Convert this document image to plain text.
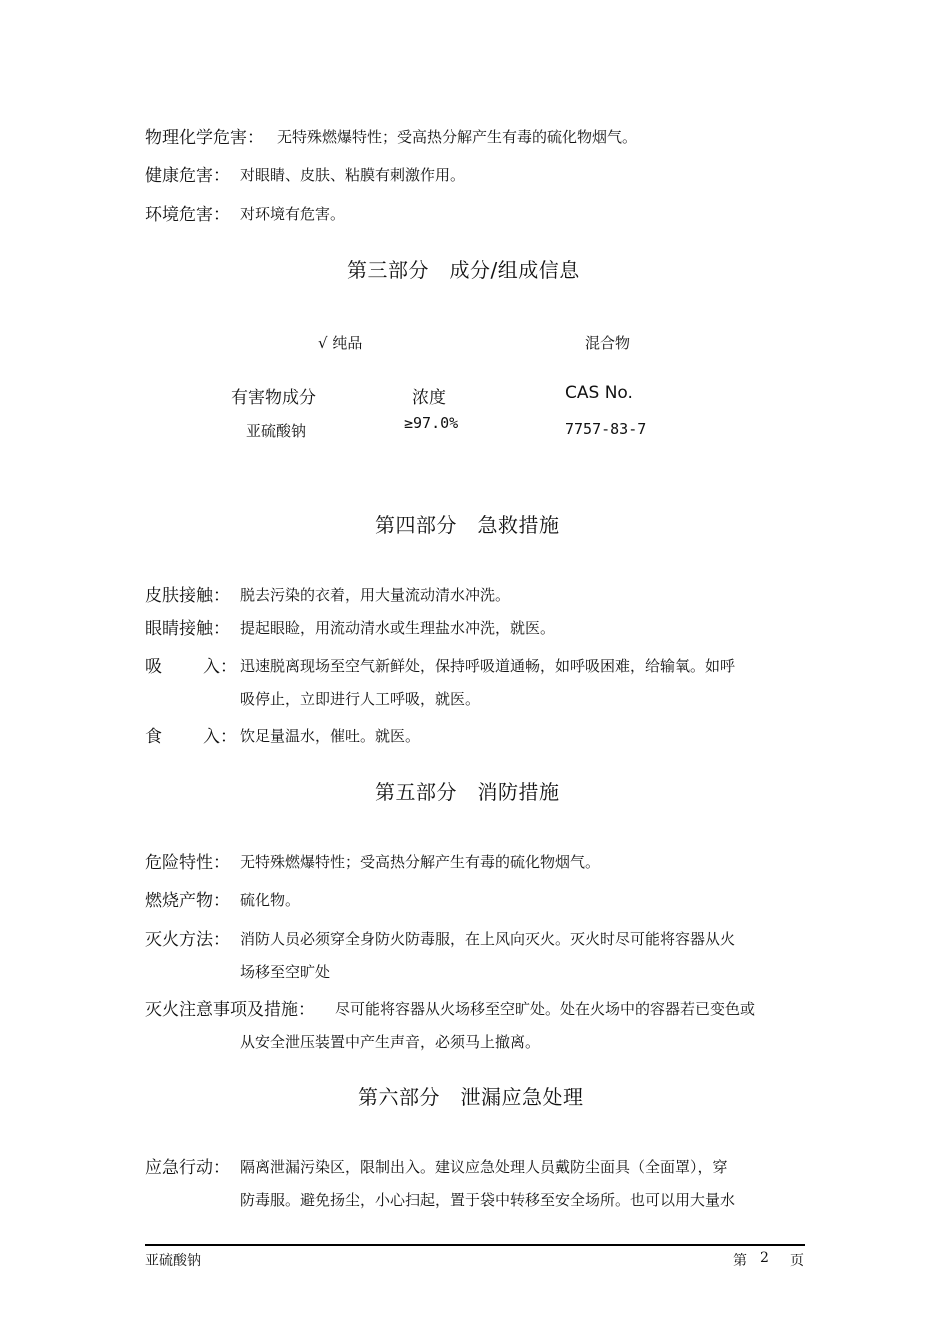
物理化学危害： 无特殊燃爆特性；受高热分解产生有毒的硫化物烟气。
健康危害： 对眼睛、皮肤、粘膜有刺激作用。
环境危害： 对环境有危害。
第三部分　成分/组成信息
√ 纯品	混合物
有害物成分	浓度	CAS No.
亚硫酸钠	≥97.0%	7757-83-7
第四部分　急救措施
皮肤接触： 脱去污染的衣着，用大量流动清水冲洗。
眼睛接触： 提起眼睑，用流动清水或生理盐水冲洗，就医。
吸 入： 迅速脱离现场至空气新鲜处，保持呼吸道通畅，如呼吸困难，给输氧。如呼
吸停止，立即进行人工呼吸，就医。
食 入： 饮足量温水，催吐。就医。
第五部分　消防措施
危险特性： 无特殊燃爆特性；受高热分解产生有毒的硫化物烟气。
燃烧产物： 硫化物。
灭火方法： 消防人员必须穿全身防火防毒服，在上风向灭火。灭火时尽可能将容器从火
场移至空旷处
灭火注意事项及措施： 尽可能将容器从火场移至空旷处。处在火场中的容器若已变色或
从安全泄压装置中产生声音，必须马上撤离。
第六部分　泄漏应急处理
应急行动： 隔离泄漏污染区，限制出入。建议应急处理人员戴防尘面具（全面罩），穿
防毒服。避免扬尘，小心扫起，置于袋中转移至安全场所。也可以用大量水
亚硫酸钠	第 2 页
